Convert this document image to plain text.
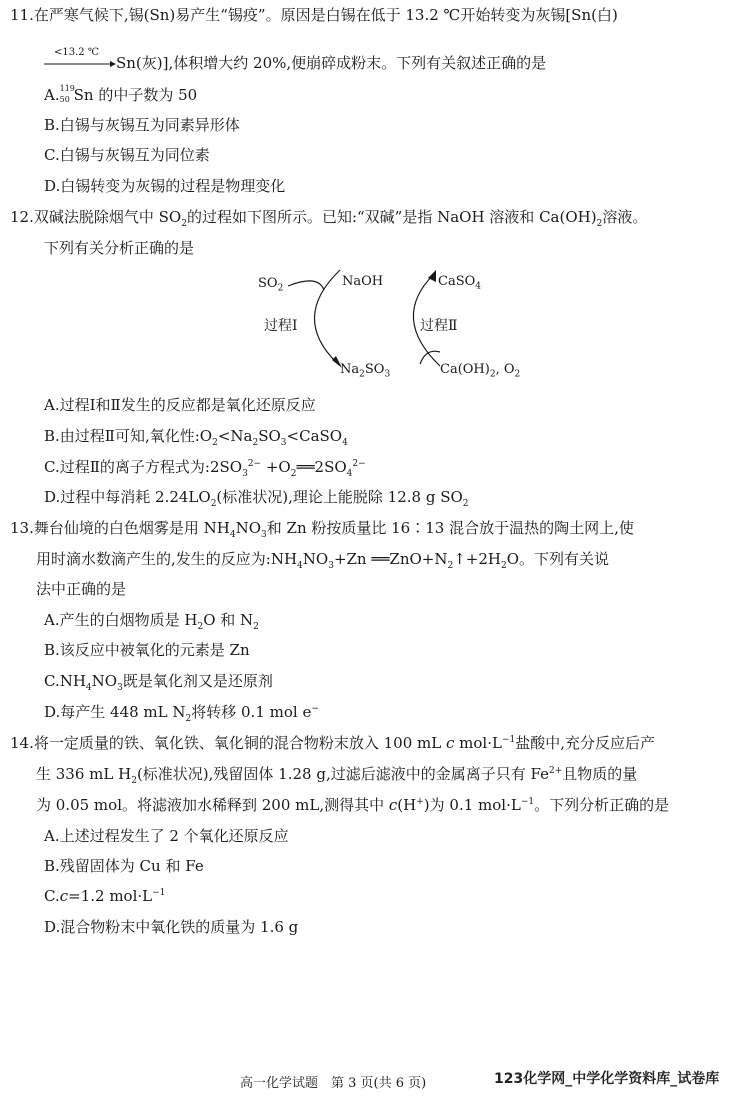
11.在严寒气候下,锡(Sn)易产生“锡疫”。原因是白锡在低于 13.2 ℃开始转变为灰锡[Sn(白)
<13.2 ℃
Sn(灰)],体积增大约 20%,便崩碎成粉末。下列有关叙述正确的是
A. 119
50 Sn 的中子数为 50
B.白锡与灰锡互为同素异形体
C.白锡与灰锡互为同位素
D.白锡转变为灰锡的过程是物理变化
12.双碱法脱除烟气中 $SO_2$的过程如下图所示。已知:“双碱”是指 NaOH 溶液和 $Ca(OH)_2$溶液。
下列有关分析正确的是
$SO_2$	NaOH	CaSO$_4$
过程Ⅰ	过程Ⅱ
$Na_2SO_3$	$Ca(OH)_2$, $O_2$
A.过程Ⅰ和Ⅱ发生的反应都是氧化还原反应
B.由过程Ⅱ可知,氧化性$:O_2<Na_2SO_3<CaSO_4$
C.过程Ⅱ的离子方程式为$:2SO_3^{2-}$ $+O_2══2SO_4^{2-}$
D.过程中每消耗 $2.24LO_2$(标准状况),理论上能脱除 12.8 g $SO_2$
13.舞台仙境的白色烟雾是用 $NH_4NO_3$和 Zn 粉按质量比 16∶13 混合放于温热的陶土网上,使
用时滴水数滴产生的,发生的反应为$:NH_4NO_3+Zn$ $══ZnO+N_2↑+2H_2O$。下列有关说
法中正确的是
A.产生的白烟物质是 $H_2O$ 和 $N_2$
B.该反应中被氧化的元素是 Zn
$C.NH_4NO_3$既是氧化剂又是还原剂
D.每产生 448 mL $N_2$将转移 0.1 mol e−
14.将一定质量的铁、氧化铁、氧化铜的混合物粉末放入 100 mL c $mol\cdot L^{-1}$盐酸中,充分反应后产
生 336 mL $H_2$(标准状况),残留固体 1.28 g,过滤后滤液中的金属离子只有 $Fe^{2+}$且物质的量
为 0.05 mol。将滤液加水稀释到 200 mL,测得其中 c(H+)为 0.1 $mol\cdot L^{-1}$。下列分析正确的是
A.上述过程发生了 2 个氧化还原反应
B.残留固体为 Cu 和 Fe
C.c=1.2 $mol\cdot L^{-1}$
D.混合物粉末中氧化铁的质量为 1.6 g
高一化学试题　第 3 页(共 6 页)	123化学网_中学化学资料库_试卷库
